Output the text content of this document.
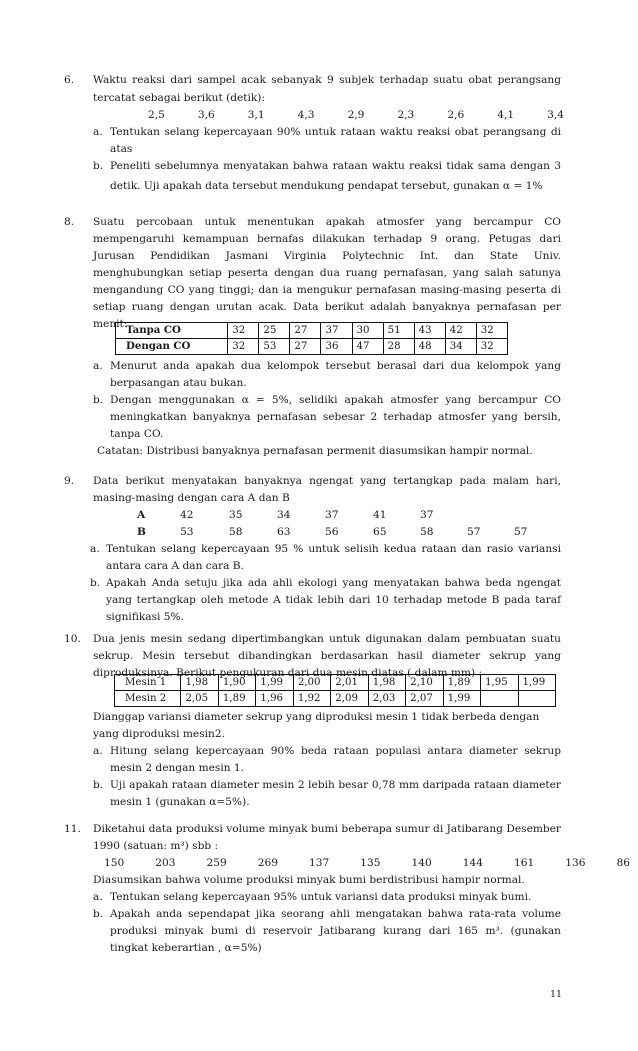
6. Waktu reaksi dari sampel acak sebanyak 9 subjek terhadap suatu obat perangsang
tercatat sebagai berikut (detik):
2,5	3,6	3,1	4,3	2,9	2,3	2,6	4,1	3,4
a. Tentukan selang kepercayaan 90% untuk rataan waktu reaksi obat perangsang di
atas
b. Peneliti sebelumnya menyatakan bahwa rataan waktu reaksi tidak sama dengan 3
detik. Uji apakah data tersebut mendukung pendapat tersebut, gunakan α = 1%
8. Suatu percobaan untuk menentukan apakah atmosfer yang bercampur CO
mempengaruhi kemampuan bernafas dilakukan terhadap 9 orang. Petugas dari
Jurusan Pendidikan Jasmani Virginia Polytechnic Int. dan State Univ.
menghubungkan setiap peserta dengan dua ruang pernafasan, yang salah satunya
mengandung CO yang tinggi; dan ia mengukur pernafasan masing-masing peserta di
setiap ruang dengan urutan acak. Data berikut adalah banyaknya pernafasan per
menit:
Tanpa CO	32	25	27	37	30	51	43	42	32
Dengan CO	32	53	27	36	47	28	48	34	32
a. Menurut anda apakah dua kelompok tersebut berasal dari dua kelompok yang
berpasangan atau bukan.
b. Dengan menggunakan α = 5%, selidiki apakah atmosfer yang bercampur CO
meningkatkan banyaknya pernafasan sebesar 2 terhadap atmosfer yang bersih,
tanpa CO.
Catatan: Distribusi banyaknya pernafasan permenit diasumsikan hampir normal.
9. Data berikut menyatakan banyaknya ngengat yang tertangkap pada malam hari,
masing-masing dengan cara A dan B
A	42	35	34	37	41	37
B	53	58	63	56	65	58	57	57
a. Tentukan selang kepercayaan 95 % untuk selisih kedua rataan dan rasio variansi
antara cara A dan cara B.
b. Apakah Anda setuju jika ada ahli ekologi yang menyatakan bahwa beda ngengat
yang tertangkap oleh metode A tidak lebih dari 10 terhadap metode B pada taraf
signifikasi 5%.
10. Dua jenis mesin sedang dipertimbangkan untuk digunakan dalam pembuatan suatu
sekrup. Mesin tersebut dibandingkan berdasarkan hasil diameter sekrup yang
diproduksinya. Berikut pengukuran dari dua mesin diatas ( dalam mm) :
Mesin 1	1,98	1,90	1,99	2,00	2,01	1,98	2,10	1,89	1,95	1,99
Mesin 2	2,05	1,89	1,96	1,92	2,09	2,03	2,07	1,99		
Dianggap variansi diameter sekrup yang diproduksi mesin 1 tidak berbeda dengan
yang diproduksi mesin2.
a. Hitung selang kepercayaan 90% beda rataan populasi antara diameter sekrup
mesin 2 dengan mesin 1.
b. Uji apakah rataan diameter mesin 2 lebih besar 0,78 mm daripada rataan diameter
mesin 1 (gunakan α=5%).
11. Diketahui data produksi volume minyak bumi beberapa sumur di Jatibarang Desember
1990 (satuan: m³) sbb :
150	203	259	269	137	135	140	144	161	136	86
Diasumsikan bahwa volume produksi minyak bumi berdistribusi hampir normal.
a. Tentukan selang kepercayaan 95% untuk variansi data produksi minyak bumi.
b. Apakah anda sependapat jika seorang ahli mengatakan bahwa rata-rata volume
produksi minyak bumi di reservoir Jatibarang kurang dari 165 m³. (gunakan
tingkat keberartian , α=5%)
11
